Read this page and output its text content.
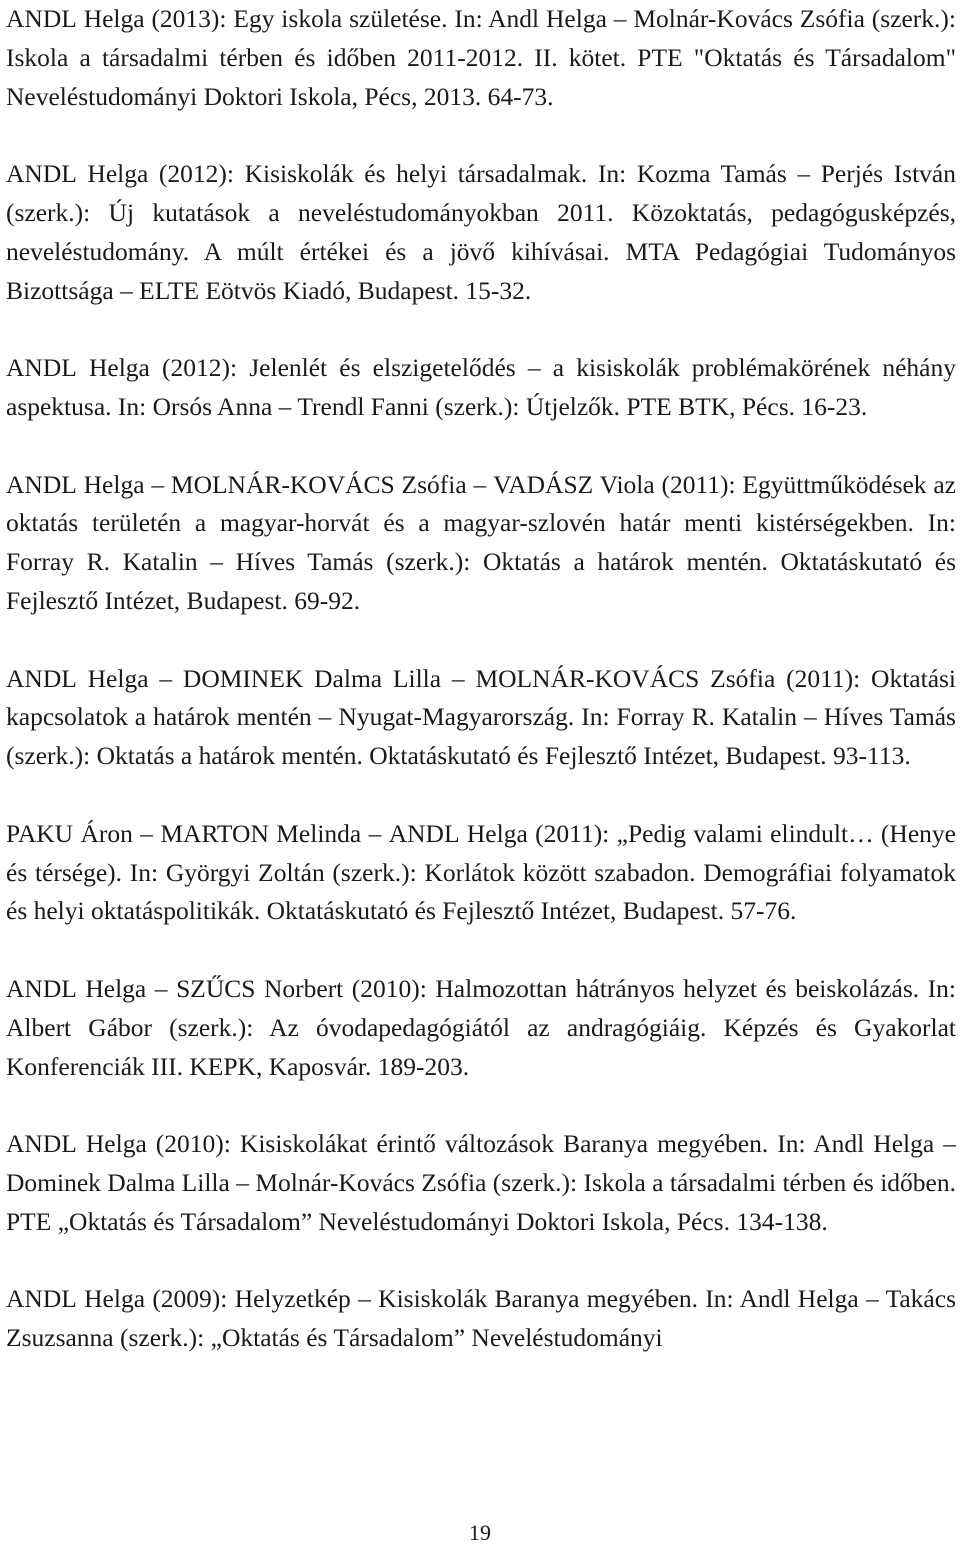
ANDL Helga (2013): Egy iskola születése. In: Andl Helga – Molnár-Kovács Zsófia (szerk.): Iskola a társadalmi térben és időben 2011-2012. II. kötet. PTE "Oktatás és Társadalom" Neveléstudományi Doktori Iskola, Pécs, 2013. 64-73.

ANDL Helga (2012): Kisiskolák és helyi társadalmak. In: Kozma Tamás – Perjés István (szerk.): Új kutatások a neveléstudományokban 2011. Közoktatás, pedagógusképzés, neveléstudomány. A múlt értékei és a jövő kihívásai. MTA Pedagógiai Tudományos Bizottsága – ELTE Eötvös Kiadó, Budapest. 15-32.

ANDL Helga (2012): Jelenlét és elszigetelődés – a kisiskolák problémakörének néhány aspektusa. In: Orsós Anna – Trendl Fanni (szerk.): Útjelzők. PTE BTK, Pécs. 16-23.

ANDL Helga – MOLNÁR-KOVÁCS Zsófia – VADÁSZ Viola (2011): Együttműködések az oktatás területén a magyar-horvát és a magyar-szlovén határ menti kistérségekben. In: Forray R. Katalin – Híves Tamás (szerk.): Oktatás a határok mentén. Oktatáskutató és Fejlesztő Intézet, Budapest. 69-92.

ANDL Helga – DOMINEK Dalma Lilla – MOLNÁR-KOVÁCS Zsófia (2011): Oktatási kapcsolatok a határok mentén – Nyugat-Magyarország. In: Forray R. Katalin – Híves Tamás (szerk.): Oktatás a határok mentén. Oktatáskutató és Fejlesztő Intézet, Budapest. 93-113.

PAKU Áron – MARTON Melinda – ANDL Helga (2011): „Pedig valami elindult… (Henye és térsége). In: Györgyi Zoltán (szerk.): Korlátok között szabadon. Demográfiai folyamatok és helyi oktatáspolitikák. Oktatáskutató és Fejlesztő Intézet, Budapest. 57-76.

ANDL Helga – SZŰCS Norbert (2010): Halmozottan hátrányos helyzet és beiskolázás. In: Albert Gábor (szerk.): Az óvodapedagógiától az andragógiáig. Képzés és Gyakorlat Konferenciák III. KEPK, Kaposvár. 189-203.

ANDL Helga (2010): Kisiskolákat érintő változások Baranya megyében. In: Andl Helga – Dominek Dalma Lilla – Molnár-Kovács Zsófia (szerk.): Iskola a társadalmi térben és időben. PTE „Oktatás és Társadalom” Neveléstudományi Doktori Iskola, Pécs. 134-138.

ANDL Helga (2009): Helyzetkép – Kisiskolák Baranya megyében. In: Andl Helga – Takács Zsuzsanna (szerk.): „Oktatás és Társadalom” Neveléstudományi

19
